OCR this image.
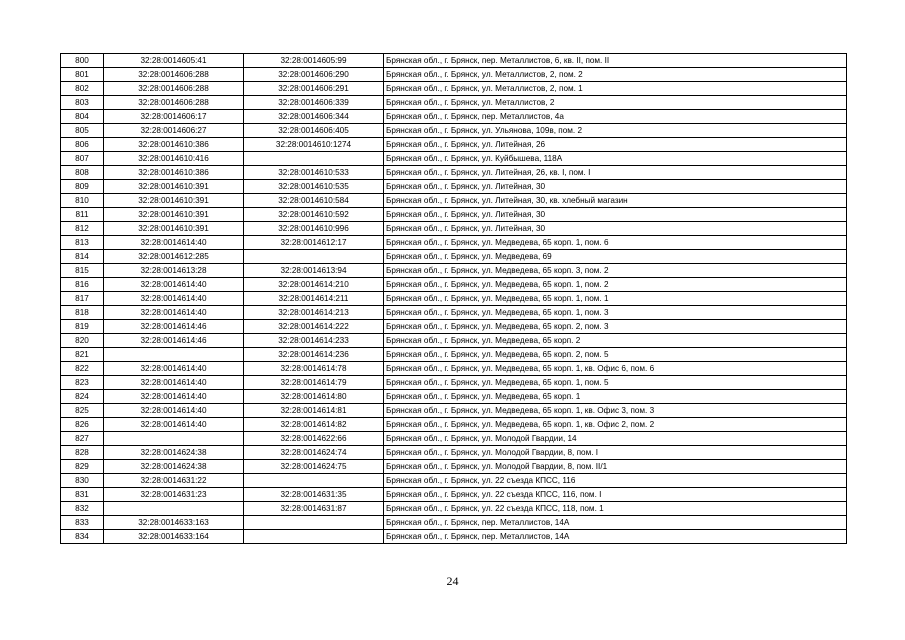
800	32:28:0014605:41	32:28:0014605:99	Брянская обл., г. Брянск, пер. Металлистов, 6, кв. II, пом. II
801	32:28:0014606:288	32:28:0014606:290	Брянская обл., г. Брянск, ул. Металлистов, 2, пом. 2
802	32:28:0014606:288	32:28:0014606:291	Брянская обл., г. Брянск, ул. Металлистов, 2, пом. 1
803	32:28:0014606:288	32:28:0014606:339	Брянская обл., г. Брянск, ул. Металлистов, 2
804	32:28:0014606:17	32:28:0014606:344	Брянская обл., г. Брянск, пер. Металлистов, 4а
805	32:28:0014606:27	32:28:0014606:405	Брянская обл., г. Брянск, ул. Ульянова, 109в, пом. 2
806	32:28:0014610:386	32:28:0014610:1274	Брянская обл., г. Брянск, ул. Литейная, 26
807	32:28:0014610:416		Брянская обл., г. Брянск, ул. Куйбышева, 118А
808	32:28:0014610:386	32:28:0014610:533	Брянская обл., г. Брянск, ул. Литейная, 26, кв. I, пом. I
809	32:28:0014610:391	32:28:0014610:535	Брянская обл., г. Брянск, ул. Литейная, 30
810	32:28:0014610:391	32:28:0014610:584	Брянская обл., г. Брянск, ул. Литейная, 30, кв. хлебный магазин
811	32:28:0014610:391	32:28:0014610:592	Брянская обл., г. Брянск, ул. Литейная, 30
812	32:28:0014610:391	32:28:0014610:996	Брянская обл., г. Брянск, ул. Литейная, 30
813	32:28:0014614:40	32:28:0014612:17	Брянская обл., г. Брянск, ул. Медведева, 65 корп. 1, пом. 6
814	32:28:0014612:285		Брянская обл., г. Брянск, ул. Медведева, 69
815	32:28:0014613:28	32:28:0014613:94	Брянская обл., г. Брянск, ул. Медведева, 65 корп. 3, пом. 2
816	32:28:0014614:40	32:28:0014614:210	Брянская обл., г. Брянск, ул. Медведева, 65 корп. 1, пом. 2
817	32:28:0014614:40	32:28:0014614:211	Брянская обл., г. Брянск, ул. Медведева, 65 корп. 1, пом. 1
818	32:28:0014614:40	32:28:0014614:213	Брянская обл., г. Брянск, ул. Медведева, 65 корп. 1, пом. 3
819	32:28:0014614:46	32:28:0014614:222	Брянская обл., г. Брянск, ул. Медведева, 65 корп. 2, пом. 3
820	32:28:0014614:46	32:28:0014614:233	Брянская обл., г. Брянск, ул. Медведева, 65 корп. 2
821		32:28:0014614:236	Брянская обл., г. Брянск, ул. Медведева, 65 корп. 2, пом. 5
822	32:28:0014614:40	32:28:0014614:78	Брянская обл., г. Брянск, ул. Медведева, 65 корп. 1, кв. Офис 6, пом. 6
823	32:28:0014614:40	32:28:0014614:79	Брянская обл., г. Брянск, ул. Медведева, 65 корп. 1, пом. 5
824	32:28:0014614:40	32:28:0014614:80	Брянская обл., г. Брянск, ул. Медведева, 65 корп. 1
825	32:28:0014614:40	32:28:0014614:81	Брянская обл., г. Брянск, ул. Медведева, 65 корп. 1, кв. Офис 3, пом. 3
826	32:28:0014614:40	32:28:0014614:82	Брянская обл., г. Брянск, ул. Медведева, 65 корп. 1, кв. Офис 2, пом. 2
827		32:28:0014622:66	Брянская обл., г. Брянск, ул. Молодой Гвардии, 14
828	32:28:0014624:38	32:28:0014624:74	Брянская обл., г. Брянск, ул. Молодой Гвардии, 8, пом. I
829	32:28:0014624:38	32:28:0014624:75	Брянская обл., г. Брянск, ул. Молодой Гвардии, 8, пом. II/1
830	32:28:0014631:22		Брянская обл., г. Брянск, ул. 22 съезда КПСС, 116
831	32:28:0014631:23	32:28:0014631:35	Брянская обл., г. Брянск, ул. 22 съезда КПСС, 116, пом. I
832		32:28:0014631:87	Брянская обл., г. Брянск, ул. 22 съезда КПСС, 118, пом. 1
833	32:28:0014633:163		Брянская обл., г. Брянск, пер. Металлистов, 14А
834	32:28:0014633:164		Брянская обл., г. Брянск, пер. Металлистов, 14А
24
